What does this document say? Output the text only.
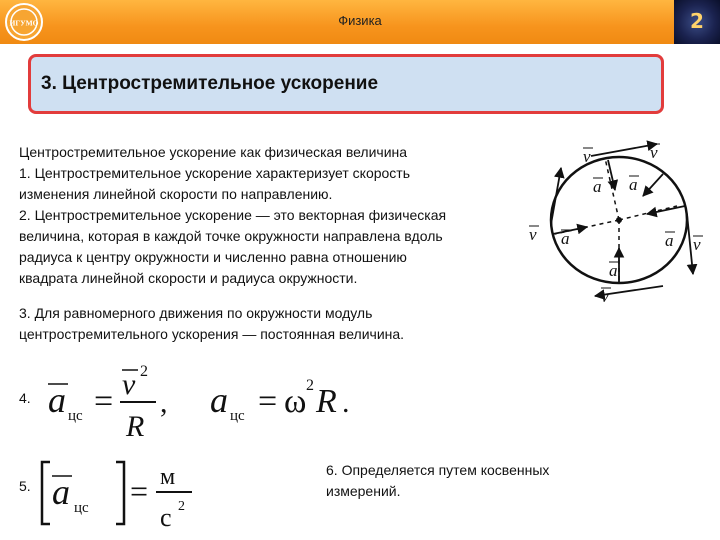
ИГУМО	Физика	2
3. Центростремительное ускорение
Центростремительное ускорение как физическая величина
1. Центростремительное ускорение характеризует скорость
изменения линейной скорости по направлению.
2. Центростремительное ускорение — это векторная физическая
величина, которая в каждой точке окружности направлена вдоль
радиуса к центру окружности и численно равна отношению
квадрата линейной скорости и радиуса окружности.
3. Для равномерного движения по окружности модуль
центростремительного ускорения — постоянная величина.
v	v
v
v
v
a
a	a
a
a
4. a цс = v 2
R
, a цс = ω 2 R .
5. a цс = м
с 2
6. Определяется путем косвенных
измерений.
